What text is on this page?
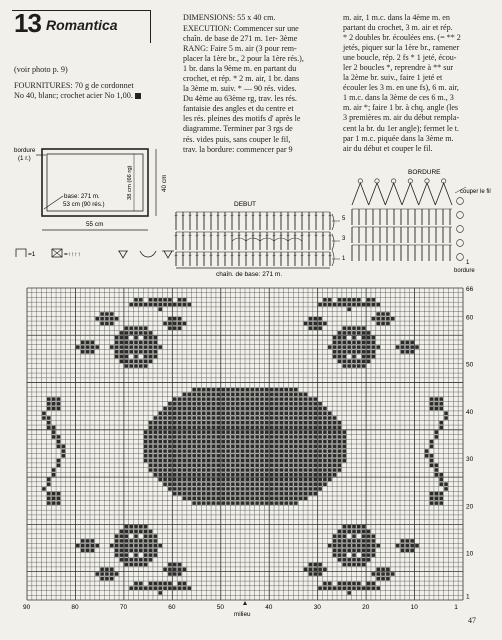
13 Romantica
(voir photo p. 9)
FOURNITURES: 70 g de cordonnet
No 40, blanc; crochet acier No 1,00.
DIMENSIONS: 55 x 40 cm.
EXECUTION: Commencer sur une
chaîn. de base de 271 m. 1er- 3ème
RANG: Faire 5 m. air (3 pour rem-
placer la 1ère br., 2 pour la 1ère rés.),
1 br. dans la 9ème m. en partant du
crochet, et rép. * 2 m. air, 1 br. dans
la 3ème m. suiv. * — 90 rés. vides.
Du 4ème au 63ème rg, trav. les rés.
fantaisie des angles et du centre et
les rés. pleines des motifs d' après le
diagramme. Terminer par 3 rgs de
rés. vides puis, sans couper le fil,
trav. la bordure: commencer par 9
m. air, 1 m.c. dans la 4ème m. en
partant du crochet, 3 m. air et rép.
* 2 doubles br. écoulées ens. (= ** 2
jetés, piquer sur la 1ère br., ramener
une boucle, rép. 2 fs * 1 jeté, écou-
ler 2 boucles *, reprendre à ** sur
la 2ème br. suiv., faire 1 jeté et
écouler les 3 m. en une fs), 6 m. air,
1 m.c. dans la 3ème de ces 6 m., 3
m. air *; faire 1 br. à chq. angle (les
3 premières m. air du début rempla-
cent la br. du 1er angle); fermet le t.
par 1 m.c. piquée dans la 3ème m.
air du début et couper le fil.
bordure
(1 r.)
base: 271 m.
53 cm (90 rés.)
55 cm
40 cm
38 cm (66 rg)
=1	=↑↑↑↑
DEBUT
chaîn. de base: 271 m.
5
3
1
BORDURE
couper le fil
1
bordure
90	80	70	60	50	40	30	20	10	1
milieu
66
60
50
40
30
20
10
1
47
